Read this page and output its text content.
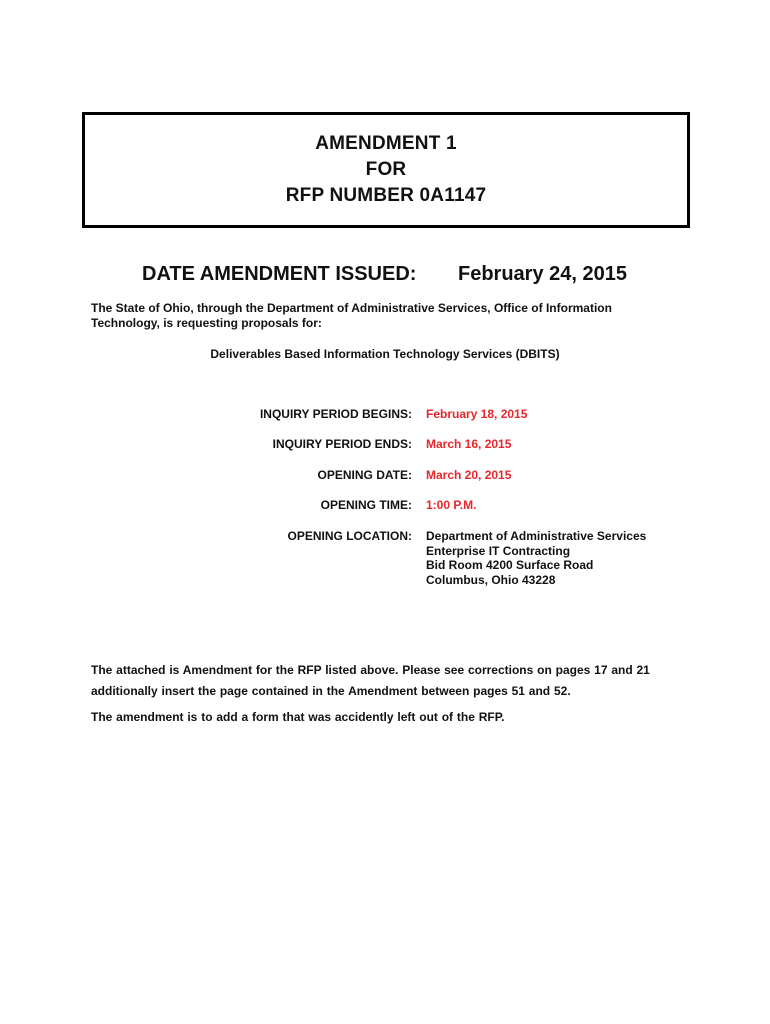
AMENDMENT 1
FOR
RFP NUMBER 0A1147
DATE AMENDMENT ISSUED: February 24, 2015
The State of Ohio, through the Department of Administrative Services, Office of Information
Technology, is requesting proposals for:
Deliverables Based Information Technology Services (DBITS)
INQUIRY PERIOD BEGINS: February 18, 2015
INQUIRY PERIOD ENDS: March 16, 2015
OPENING DATE: March 20, 2015
OPENING TIME: 1:00 P.M.
OPENING LOCATION: Department of Administrative Services
Enterprise IT Contracting
Bid Room 4200 Surface Road
Columbus, Ohio 43228
The attached is Amendment for the RFP listed above. Please see corrections on pages 17 and 21
additionally insert the page contained in the Amendment between pages 51 and 52.
The amendment is to add a form that was accidently left out of the RFP.
